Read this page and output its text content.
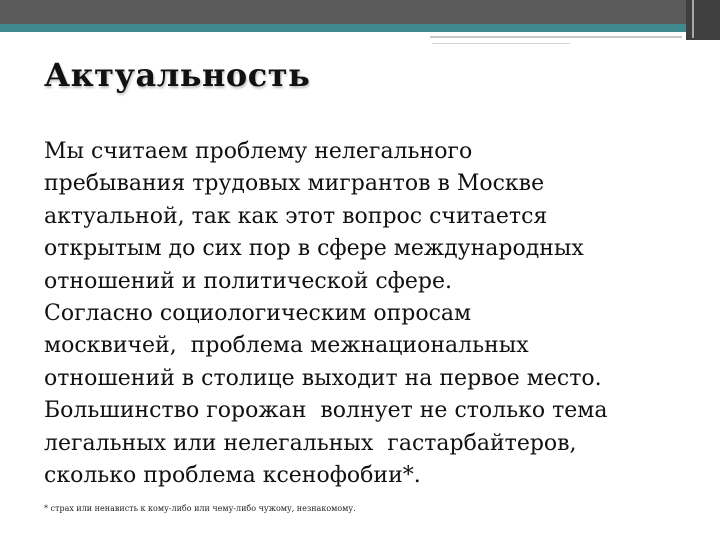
Актуальность
Мы считаем проблему нелегального
пребывания трудовых мигрантов в Москве
актуальной, так как этот вопрос считается
открытым до сих пор в сфере международных
отношений и политической сфере.
Согласно социологическим опросам
москвичей,  проблема межнациональных
отношений в столице выходит на первое место.
Большинство горожан  волнует не столько тема
легальных или нелегальных  гастарбайтеров,
сколько проблема ксенофобии*.
* страх или ненависть к кому-либо или чему-либо чужому, незнакомому.
